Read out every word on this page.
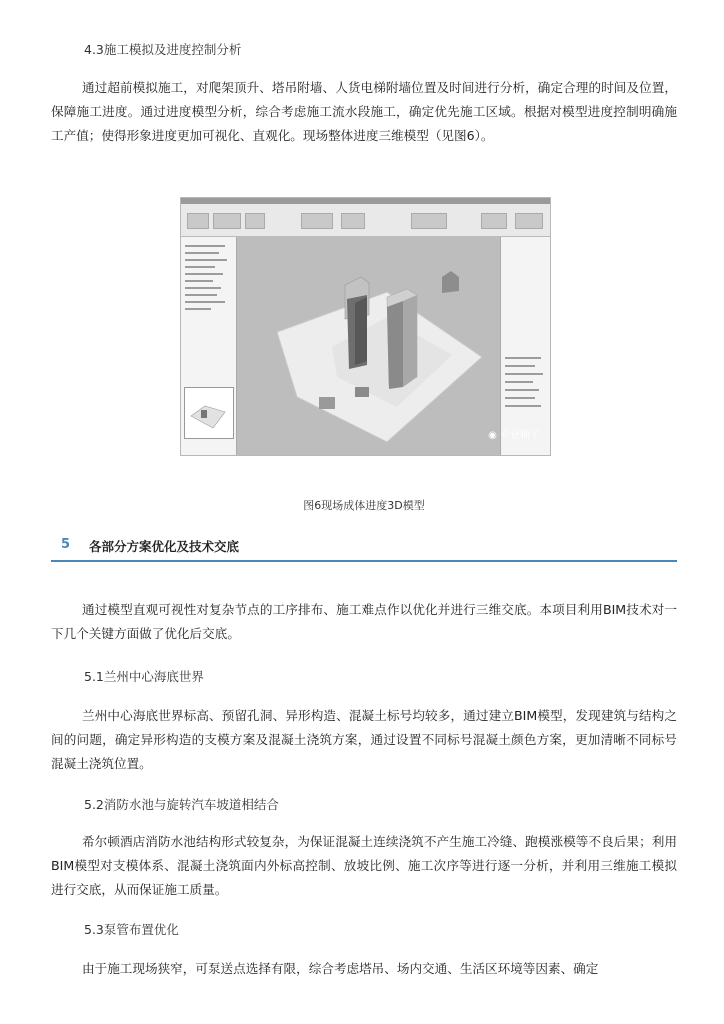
4.3施工模拟及进度控制分析

通过超前模拟施工，对爬架顶升、塔吊附墙、人货电梯附墙位置及时间进行分析，确定合理的时间及位置，保障施工进度。通过进度模型分析，综合考虑施工流水段施工，确定优先施工区域。根据对模型进度控制明确施工产值；使得形象进度更加可视化、直观化。现场整体进度三维模型（见图6）。

◉ 专业辅子
图6现场成体进度3D模型
5 各部分方案优化及技术交底

通过模型直观可视性对复杂节点的工序排布、施工难点作以优化并进行三维交底。本项目利用BIM技术对一下几个关键方面做了优化后交底。

5.1兰州中心海底世界

兰州中心海底世界标高、预留孔洞、异形构造、混凝土标号均较多，通过建立BIM模型，发现建筑与结构之间的问题，确定异形构造的支模方案及混凝土浇筑方案，通过设置不同标号混凝土颜色方案，更加清晰不同标号混凝土浇筑位置。

5.2消防水池与旋转汽车坡道相结合

希尔顿酒店消防水池结构形式较复杂，为保证混凝土连续浇筑不产生施工冷缝、跑模涨模等不良后果；利用BIM模型对支模体系、混凝土浇筑面内外标高控制、放坡比例、施工次序等进行逐一分析，并利用三维施工模拟进行交底，从而保证施工质量。

5.3泵管布置优化

由于施工现场狭窄，可泵送点选择有限，综合考虑塔吊、场内交通、生活区环境等因素、确定
